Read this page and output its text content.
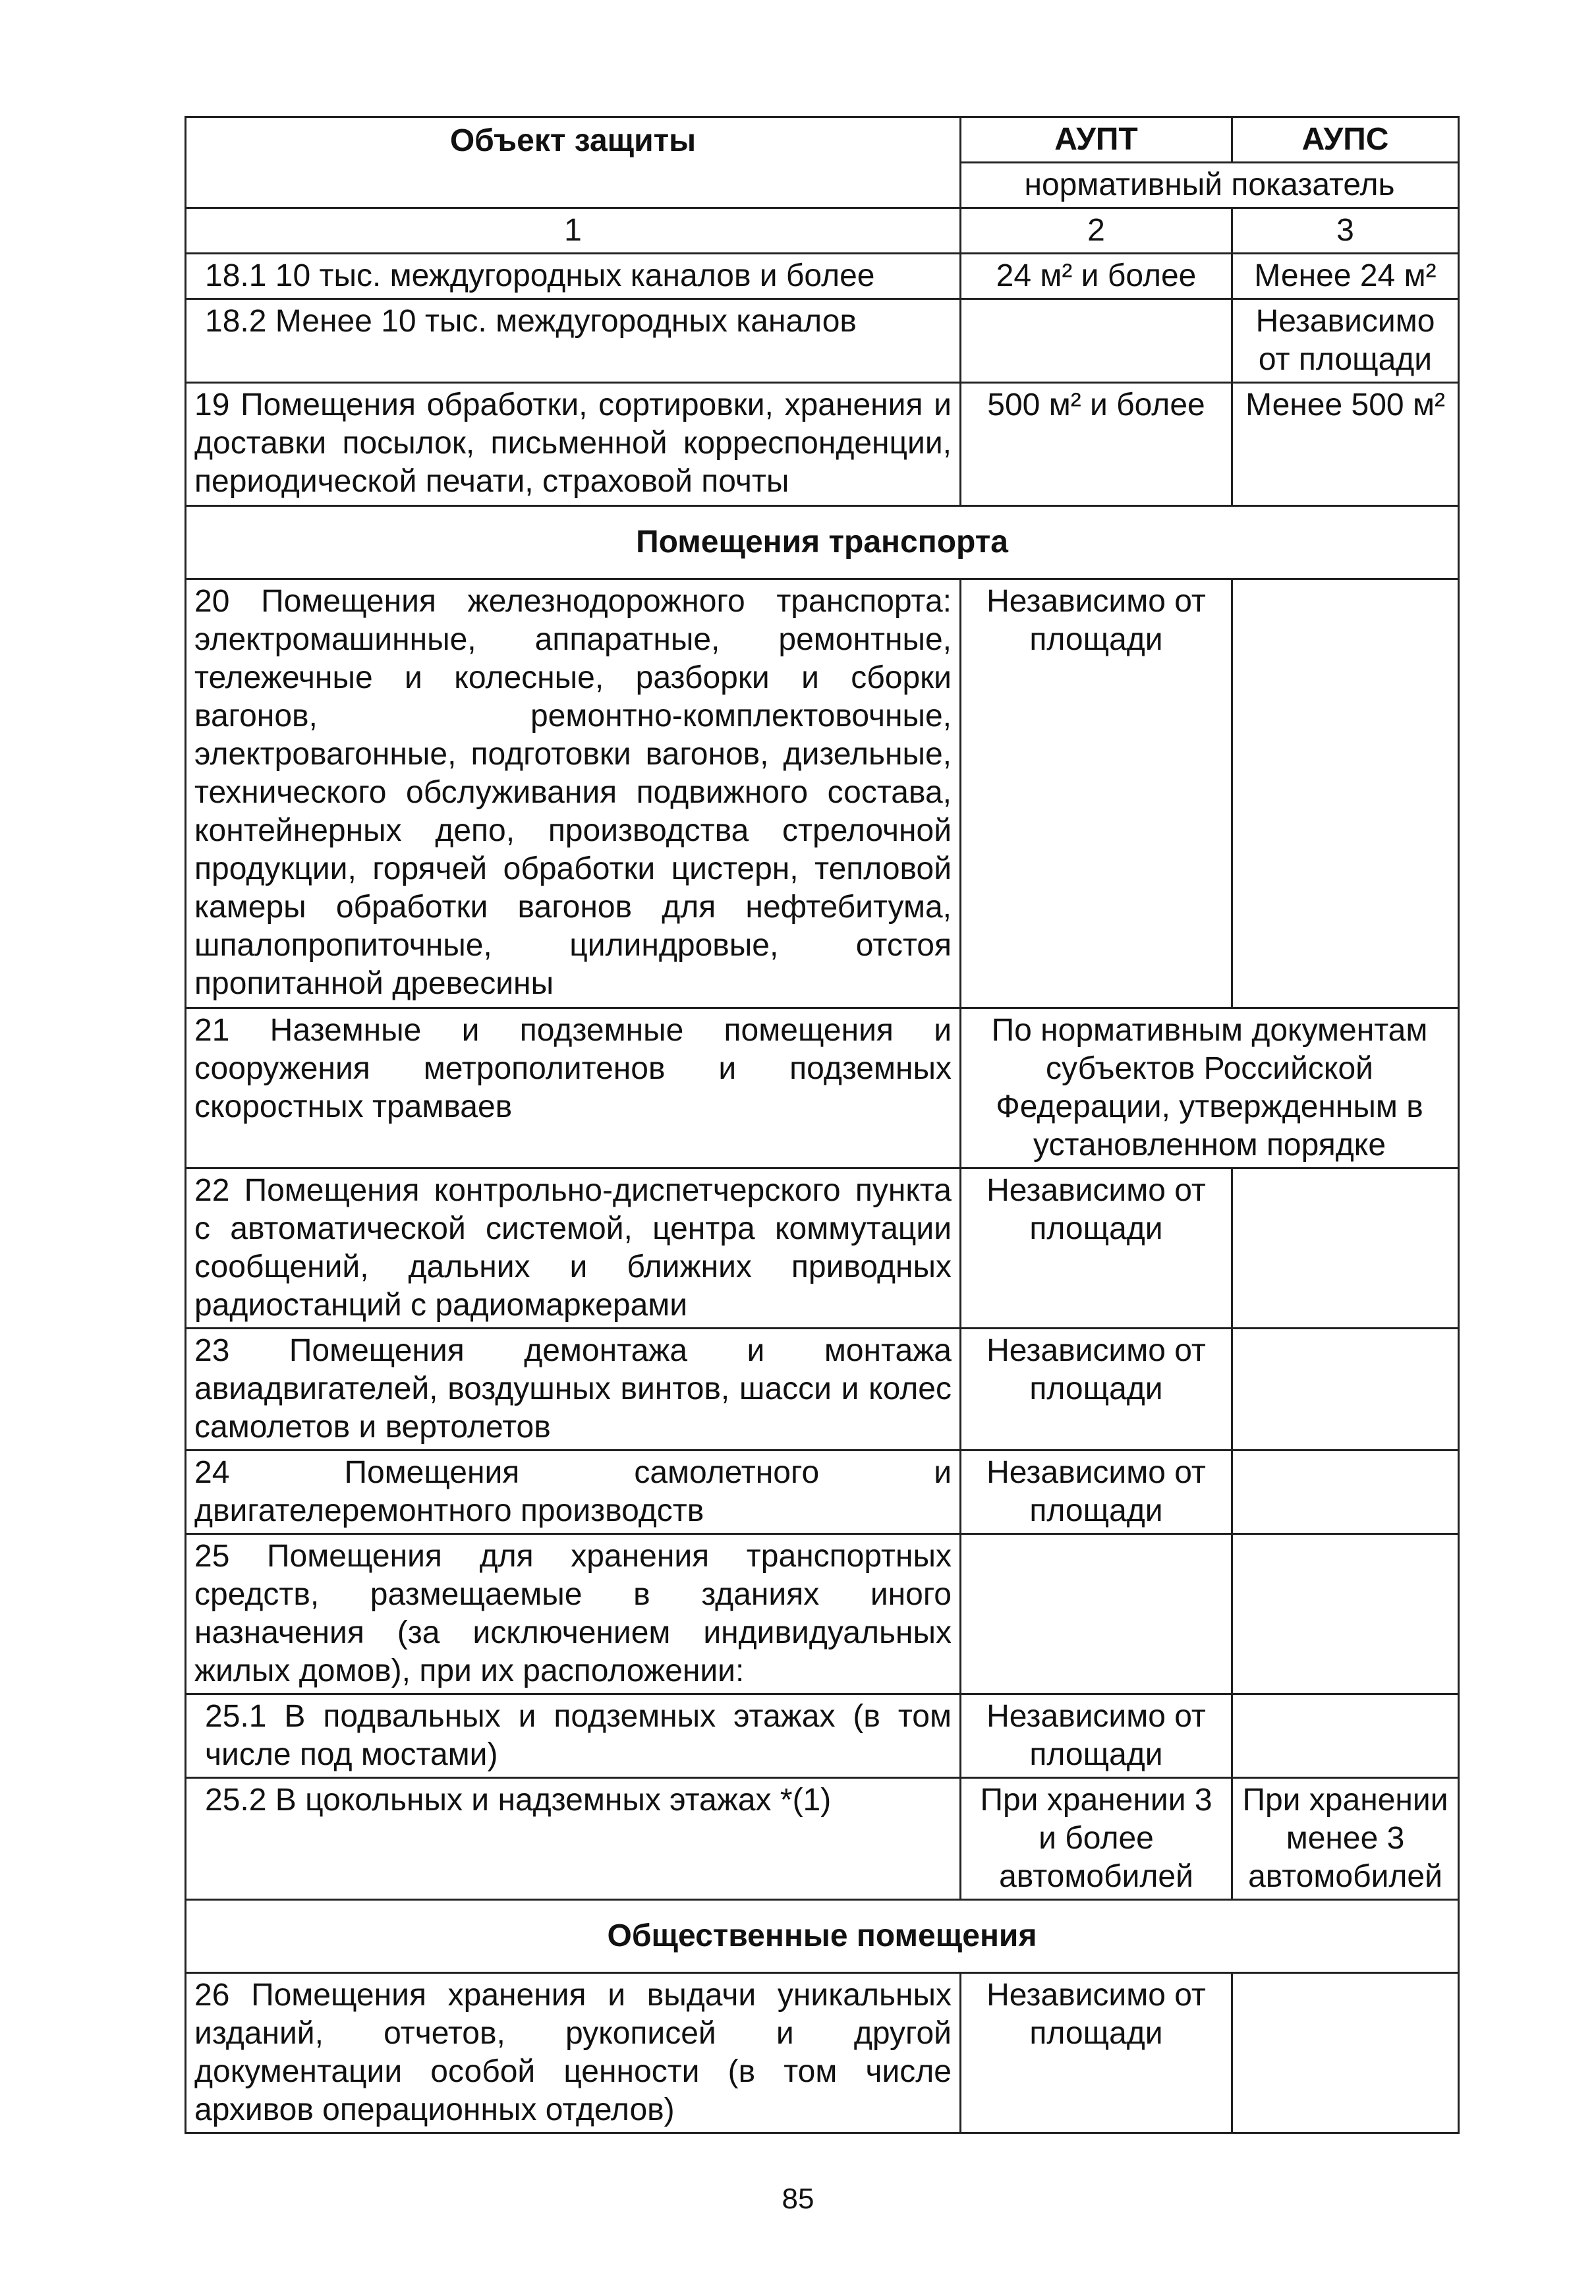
Объект защиты	АУПТ	АУПС
	нормативный показатель	
1	2	3
18.1 10 тыс. междугородных каналов и более	24 м² и более	Менее 24 м²
18.2 Менее 10 тыс. междугородных каналов		Независимо от площади
19 Помещения обработки, сортировки, хранения и доставки посылок, письменной корреспонденции, периодической печати, страховой почты	500 м² и более	Менее 500 м²
Помещения транспорта		
20 Помещения железнодорожного транспорта: электромашинные, аппаратные, ремонтные, тележечные и колесные, разборки и сборки вагонов, ремонтно-комплектовочные, электровагонные, подготовки вагонов, дизельные, технического обслуживания подвижного состава, контейнерных депо, производства стрелочной продукции, горячей обработки цистерн, тепловой камеры обработки вагонов для нефтебитума, шпалопропиточные, цилиндровые, отстоя пропитанной древесины	Независимо от площади	
21 Наземные и подземные помещения и сооружения метрополитенов и подземных скоростных трамваев	По нормативным документам субъектов Российской Федерации, утвержденным в установленном порядке	
22 Помещения контрольно-диспетчерского пункта с автоматической системой, центра коммутации сообщений, дальних и ближних приводных радиостанций с радиомаркерами	Независимо от площади	
23 Помещения демонтажа и монтажа авиадвигателей, воздушных винтов, шасси и колес самолетов и вертолетов	Независимо от площади	
24 Помещения самолетного и двигателеремонтного производств	Независимо от площади	
25 Помещения для хранения транспортных средств, размещаемые в зданиях иного назначения (за исключением индивидуальных жилых домов), при их расположении:		
25.1 В подвальных и подземных этажах (в том числе под мостами)	Независимо от площади	
25.2 В цокольных и надземных этажах *(1)	При хранении 3 и более автомобилей	При хранении менее 3 автомобилей
Общественные помещения		
26 Помещения хранения и выдачи уникальных изданий, отчетов, рукописей и другой документации особой ценности (в том числе архивов операционных отделов)	Независимо от площади	
85
